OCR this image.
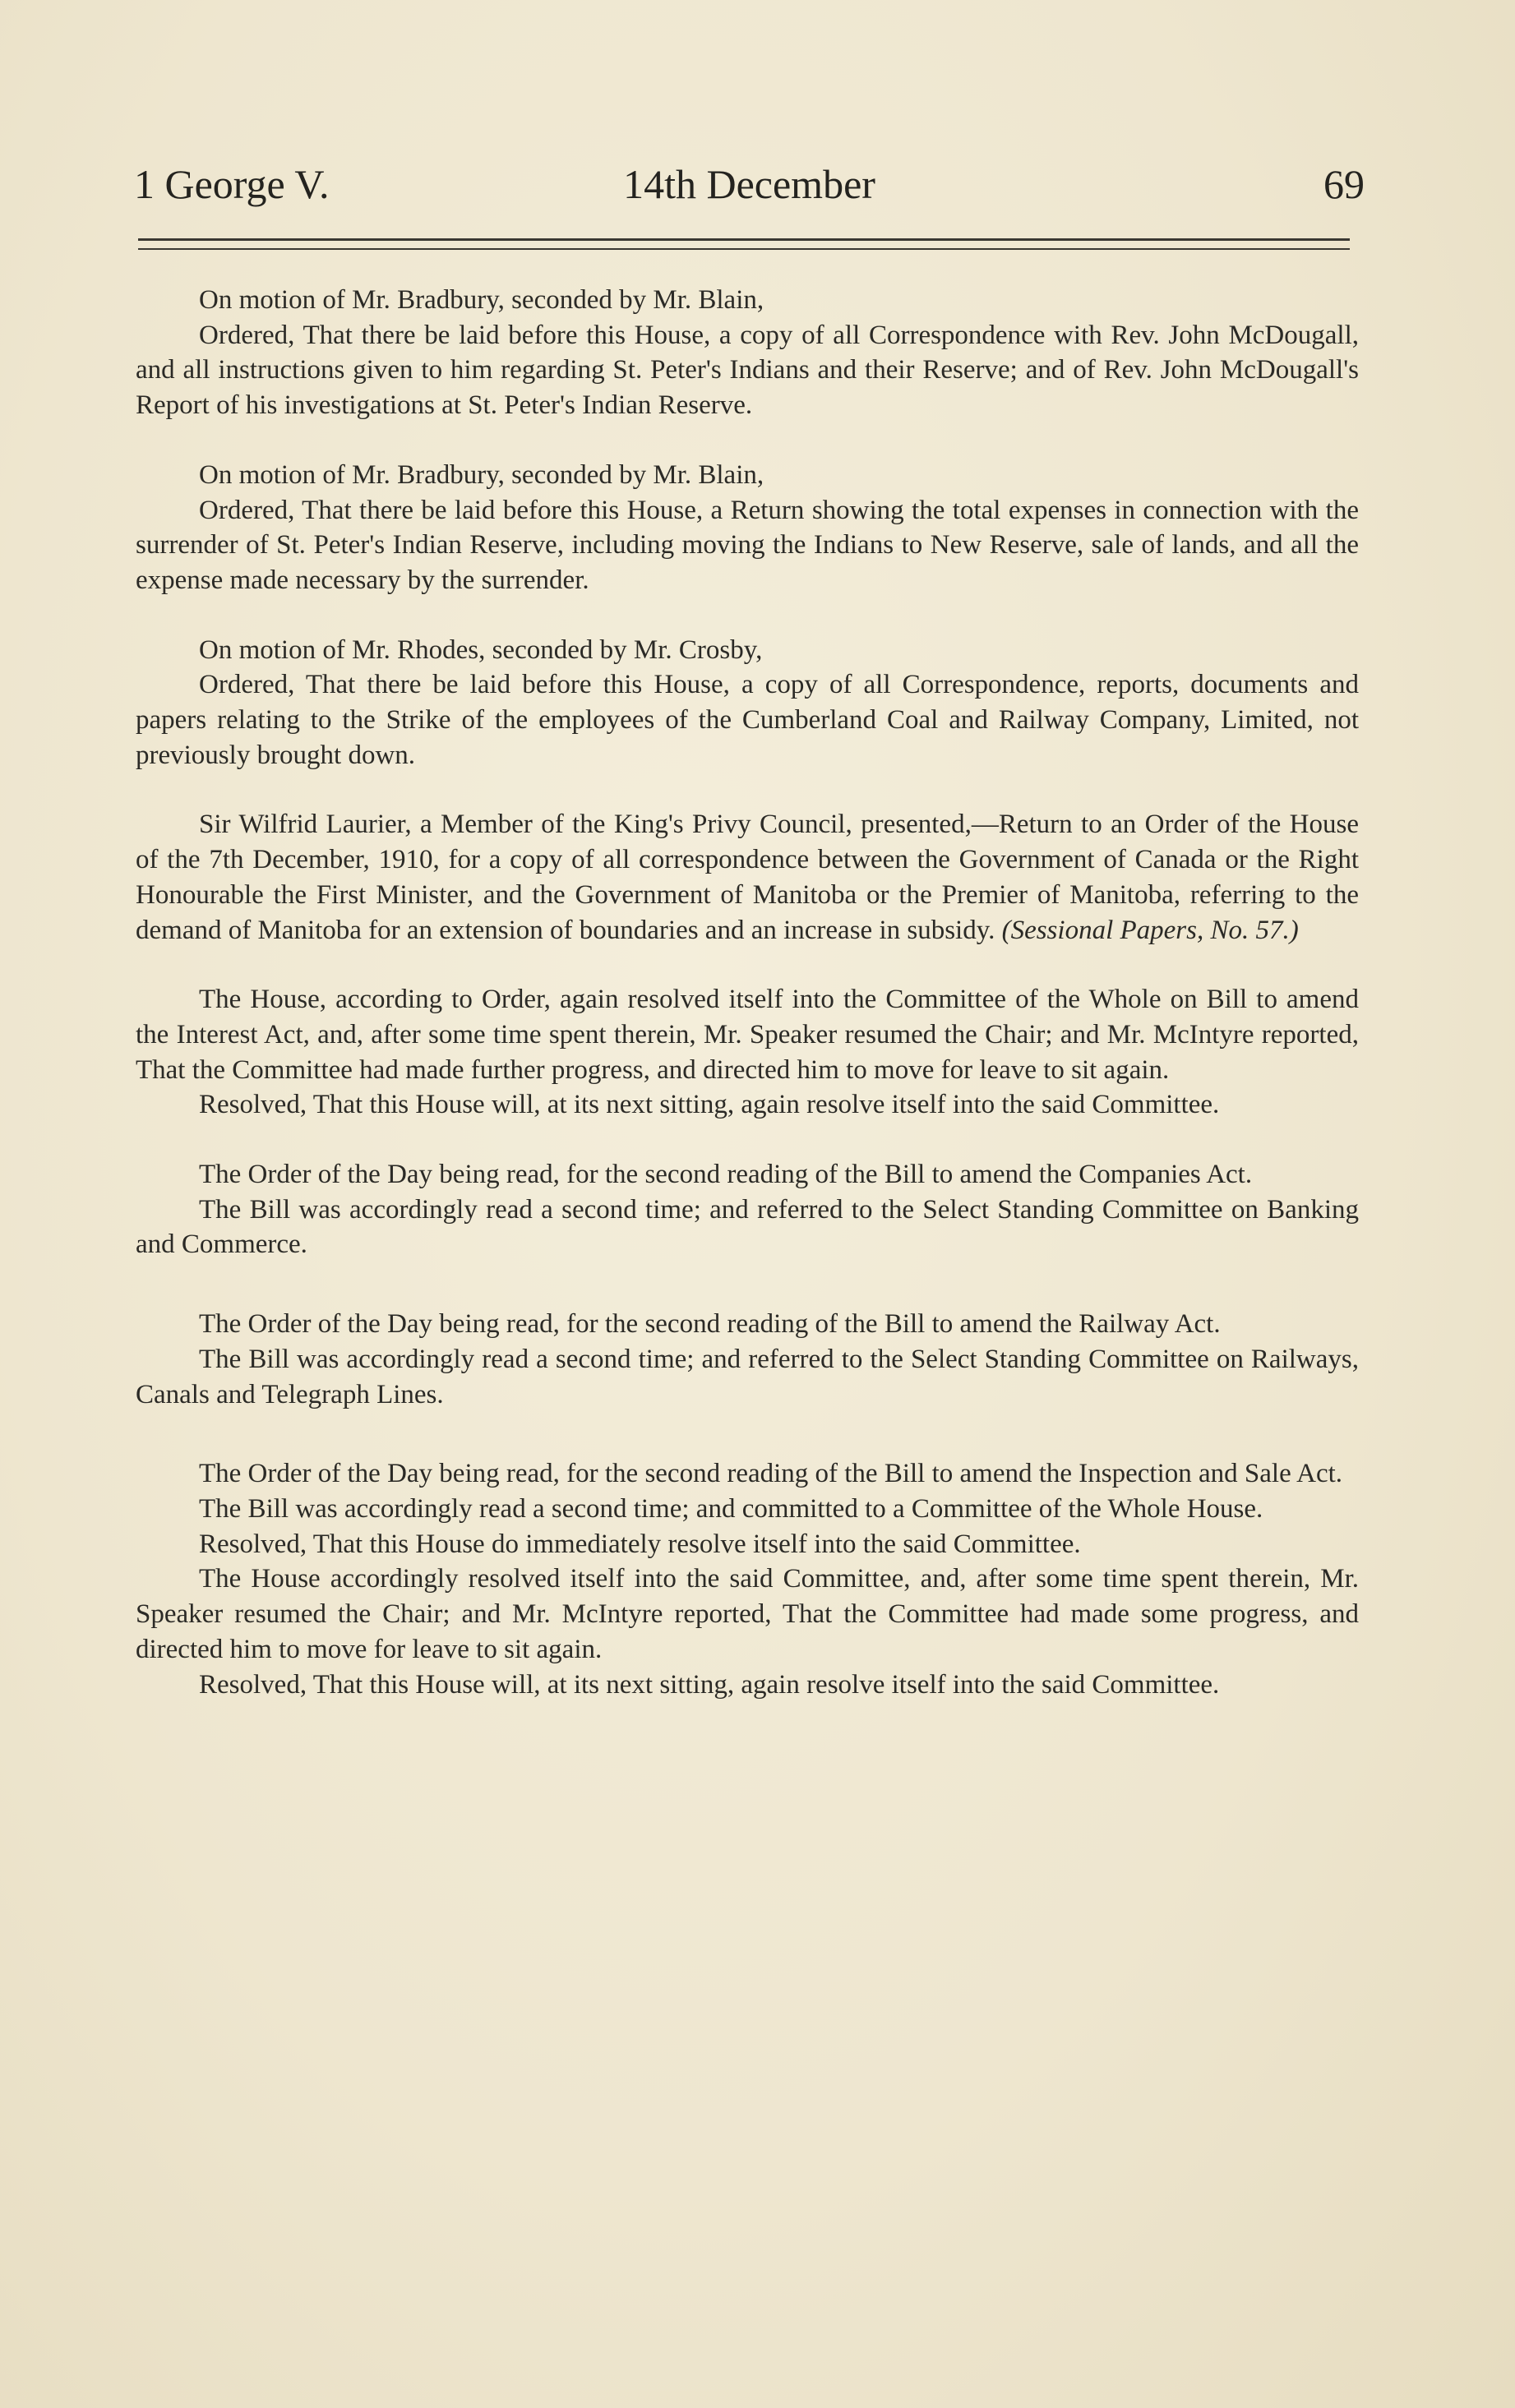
1 George V.	14th December	69

On motion of Mr. Bradbury, seconded by Mr. Blain,

Ordered, That there be laid before this House, a copy of all Correspondence with Rev. John McDougall, and all instructions given to him regarding St. Peter's Indians and their Reserve; and of Rev. John McDougall's Report of his investigations at St. Peter's Indian Reserve.

On motion of Mr. Bradbury, seconded by Mr. Blain,

Ordered, That there be laid before this House, a Return showing the total expenses in connection with the surrender of St. Peter's Indian Reserve, including moving the Indians to New Reserve, sale of lands, and all the expense made necessary by the surrender.

On motion of Mr. Rhodes, seconded by Mr. Crosby,

Ordered, That there be laid before this House, a copy of all Correspondence, reports, documents and papers relating to the Strike of the employees of the Cumberland Coal and Railway Company, Limited, not previously brought down.

Sir Wilfrid Laurier, a Member of the King's Privy Council, presented,—Return to an Order of the House of the 7th December, 1910, for a copy of all correspondence between the Government of Canada or the Right Honourable the First Minister, and the Government of Manitoba or the Premier of Manitoba, referring to the demand of Manitoba for an extension of boundaries and an increase in subsidy. (Sessional Papers, No. 57.)

The House, according to Order, again resolved itself into the Committee of the Whole on Bill to amend the Interest Act, and, after some time spent therein, Mr. Speaker resumed the Chair; and Mr. McIntyre reported, That the Committee had made further progress, and directed him to move for leave to sit again.

Resolved, That this House will, at its next sitting, again resolve itself into the said Committee.

The Order of the Day being read, for the second reading of the Bill to amend the Companies Act.

The Bill was accordingly read a second time; and referred to the Select Standing Committee on Banking and Commerce.

The Order of the Day being read, for the second reading of the Bill to amend the Railway Act.

The Bill was accordingly read a second time; and referred to the Select Standing Committee on Railways, Canals and Telegraph Lines.

The Order of the Day being read, for the second reading of the Bill to amend the Inspection and Sale Act.

The Bill was accordingly read a second time; and committed to a Committee of the Whole House.

Resolved, That this House do immediately resolve itself into the said Committee.

The House accordingly resolved itself into the said Committee, and, after some time spent therein, Mr. Speaker resumed the Chair; and Mr. McIntyre reported, That the Committee had made some progress, and directed him to move for leave to sit again.

Resolved, That this House will, at its next sitting, again resolve itself into the said Committee.
